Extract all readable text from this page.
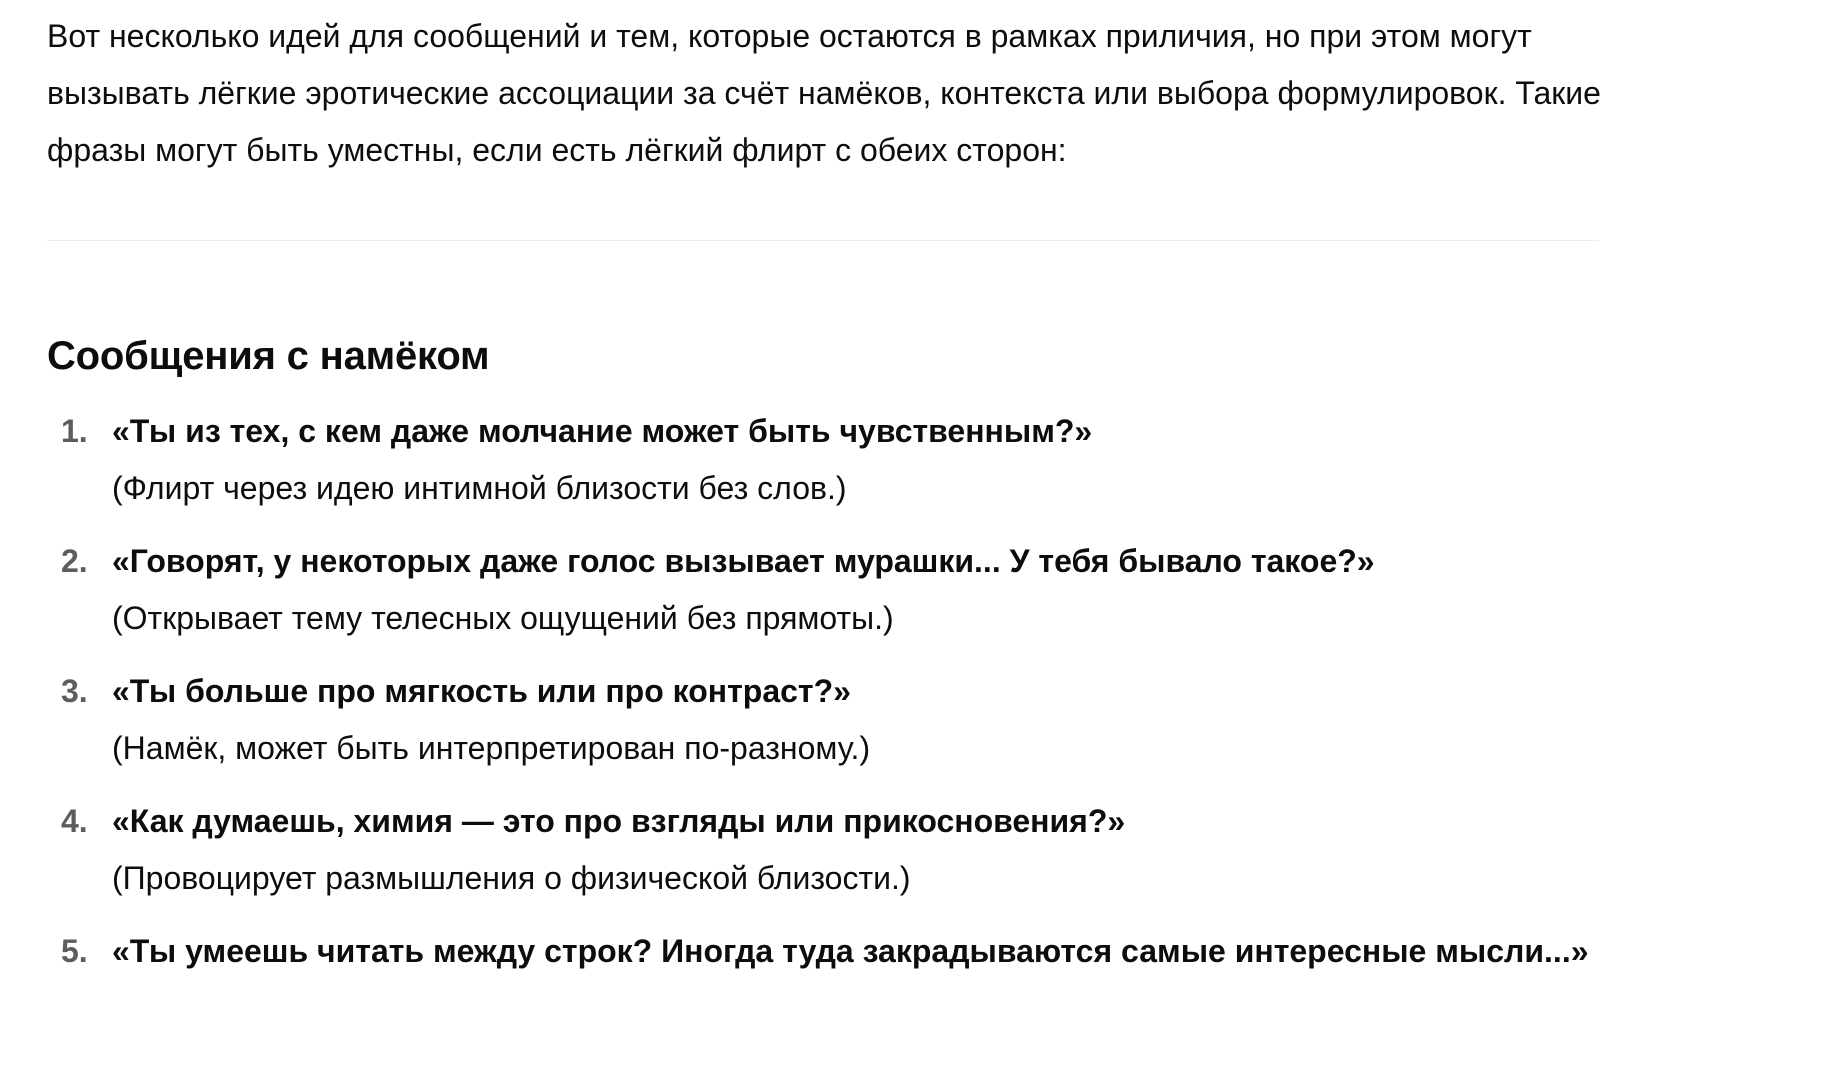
Вот несколько идей для сообщений и тем, которые остаются в рамках приличия, но при этом могут вызывать лёгкие эротические ассоциации за счёт намёков, контекста или выбора формулировок. Такие фразы могут быть уместны, если есть лёгкий флирт с обеих сторон:

Сообщения с намёком
1. «Ты из тех, с кем даже молчание может быть чувственным?»
(Флирт через идею интимной близости без слов.)
2. «Говорят, у некоторых даже голос вызывает мурашки... У тебя бывало такое?»
(Открывает тему телесных ощущений без прямоты.)
3. «Ты больше про мягкость или про контраст?»
(Намёк, может быть интерпретирован по-разному.)
4. «Как думаешь, химия — это про взгляды или прикосновения?»
(Провоцирует размышления о физической близости.)
5. «Ты умеешь читать между строк? Иногда туда закрадываются самые интересные мысли...»
